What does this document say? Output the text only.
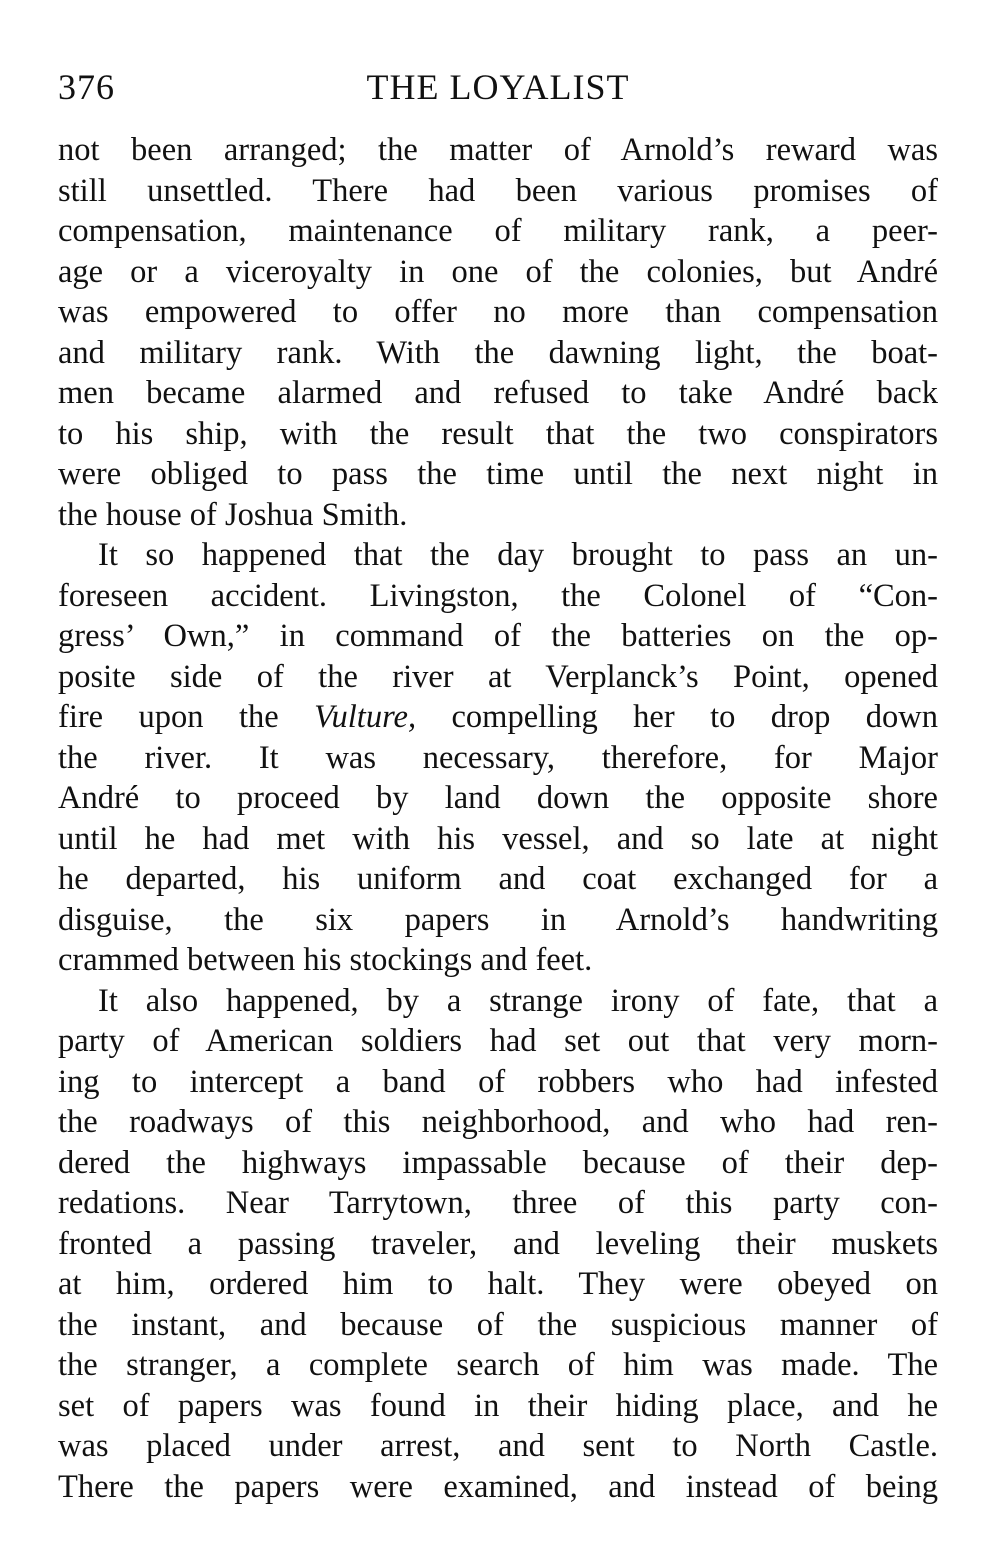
376	THE LOYALIST
not been arranged; the matter of Arnold’s reward was
still unsettled. There had been various promises of
compensation, maintenance of military rank, a peer-
age or a viceroyalty in one of the colonies, but André
was empowered to offer no more than compensation
and military rank. With the dawning light, the boat-
men became alarmed and refused to take André back
to his ship, with the result that the two conspirators
were obliged to pass the time until the next night in
the house of Joshua Smith.
It so happened that the day brought to pass an un-
foreseen accident. Livingston, the Colonel of “Con-
gress’ Own,” in command of the batteries on the op-
posite side of the river at Verplanck’s Point, opened
fire upon the Vulture, compelling her to drop down
the river. It was necessary, therefore, for Major
André to proceed by land down the opposite shore
until he had met with his vessel, and so late at night
he departed, his uniform and coat exchanged for a
disguise, the six papers in Arnold’s handwriting
crammed between his stockings and feet.
It also happened, by a strange irony of fate, that a
party of American soldiers had set out that very morn-
ing to intercept a band of robbers who had infested
the roadways of this neighborhood, and who had ren-
dered the highways impassable because of their dep-
redations. Near Tarrytown, three of this party con-
fronted a passing traveler, and leveling their muskets
at him, ordered him to halt. They were obeyed on
the instant, and because of the suspicious manner of
the stranger, a complete search of him was made. The
set of papers was found in their hiding place, and he
was placed under arrest, and sent to North Castle.
There the papers were examined, and instead of being
